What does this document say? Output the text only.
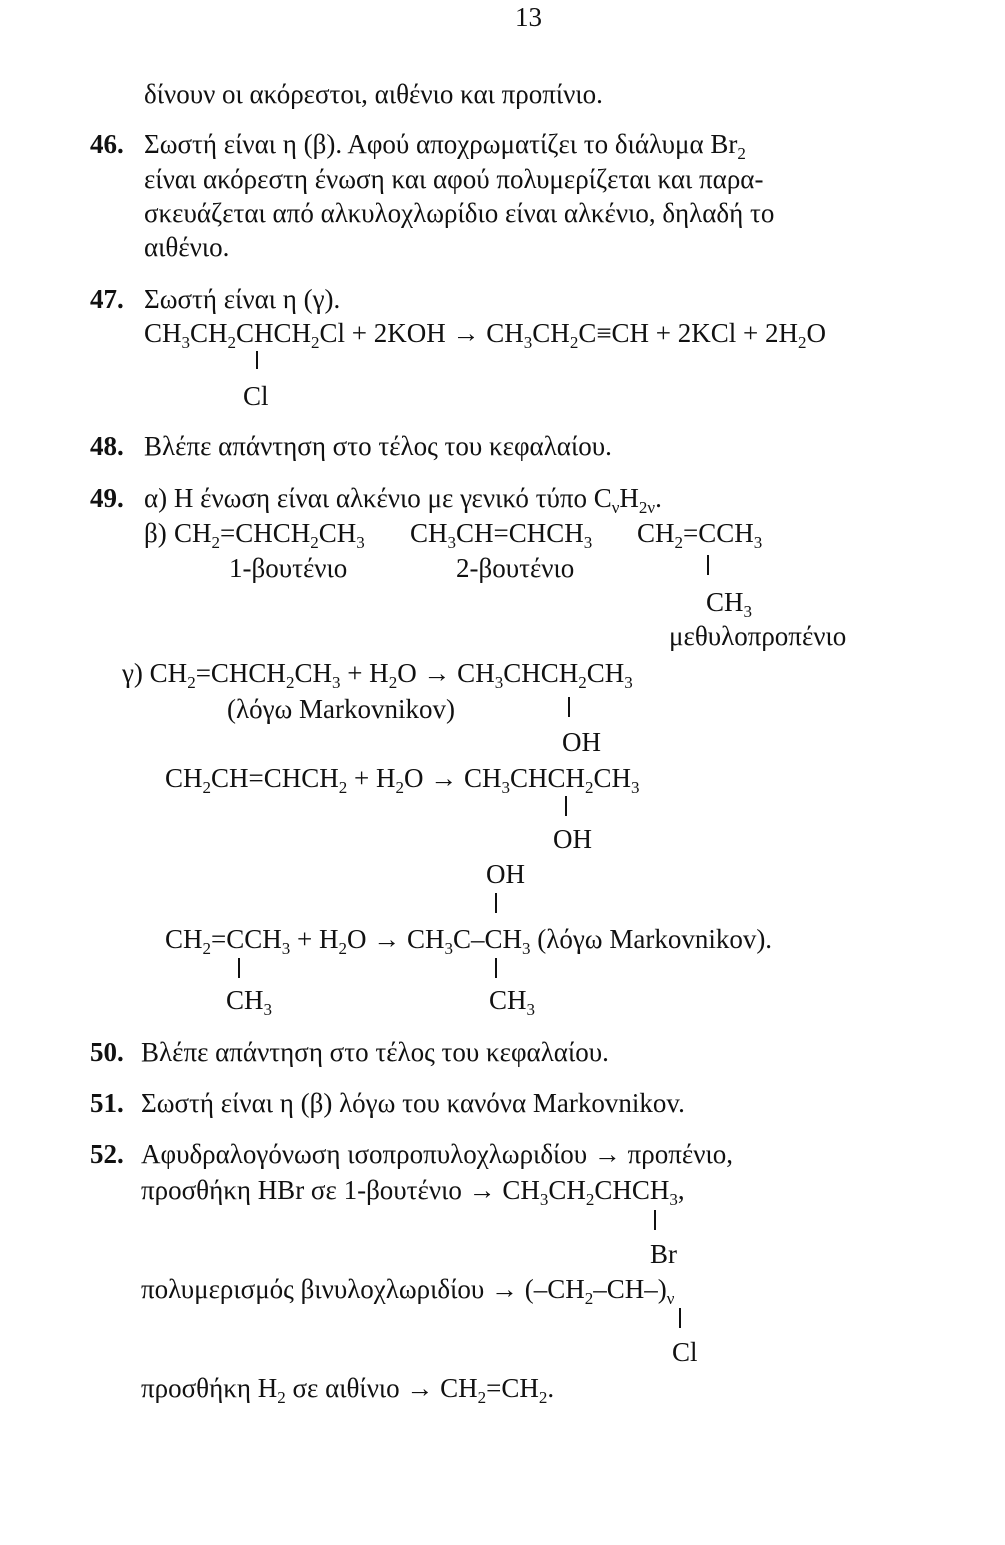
13
δίνουν οι ακόρεστοι, αιθένιο και προπίνιο.
46. Σωστή είναι η (β). Αφού αποχρωματίζει το διάλυμα $Br_2$
είναι ακόρεστη ένωση και αφού πολυμερίζεται και παρα-
σκευάζεται από αλκυλοχλωρίδιο είναι αλκένιο, δηλαδή το
αιθένιο.
47. Σωστή είναι η (γ).
$CH_3CH_2CHCH_2Cl + 2KOH \to CH_3CH_2C\equiv CH + 2KCl + 2H_2O$
Cl
48. Βλέπε απάντηση στο τέλος του κεφαλαίου.
49. α) Η ένωση είναι αλκένιο με γενικό τύπο $C_\nu H_{2\nu}$.
β) $CH_2=CHCH_2CH_3$ $CH_3CH=CHCH_3$ $CH_2=CCH_3$
1-βουτένιο	2-βουτένιο
$CH_3$
μεθυλοπροπένιο
γ) $CH_2=CHCH_2CH_3 + H_2O$ → $CH_3CHCH_2CH_3$
(λόγω Markovnikov)
OH
$CH_2CH=CHCH_2 + H_2O$ → $CH_3CHCH_2CH_3$
OH
OH
$CH_2=CCH_3 + H_2O \to CH_3C-CH_3$ (λόγω Markovnikov).
$CH_3$	$CH_3$
50. Βλέπε απάντηση στο τέλος του κεφαλαίου.
51. Σωστή είναι η (β) λόγω του κανόνα Markovnikov.
52. Αφυδραλογόνωση ισοπροπυλοχλωριδίου → προπένιο,
προσθήκη HBr σε $1-\beta o\upsilon\tau έ\nu\iota o \to CH_3CH_2CHCH_3$,
Br
πολυμερισμός $\beta\iota\nu\upsilon\lambda o\chi\lambda\omega\rho\iota\delta ίo\upsilon \to (-CH_2-CH-)_\nu$
Cl
προσθήκη $H_2$ σε $\alpha\iota\theta ί\nu\iota o \to CH_2=CH_2$.
